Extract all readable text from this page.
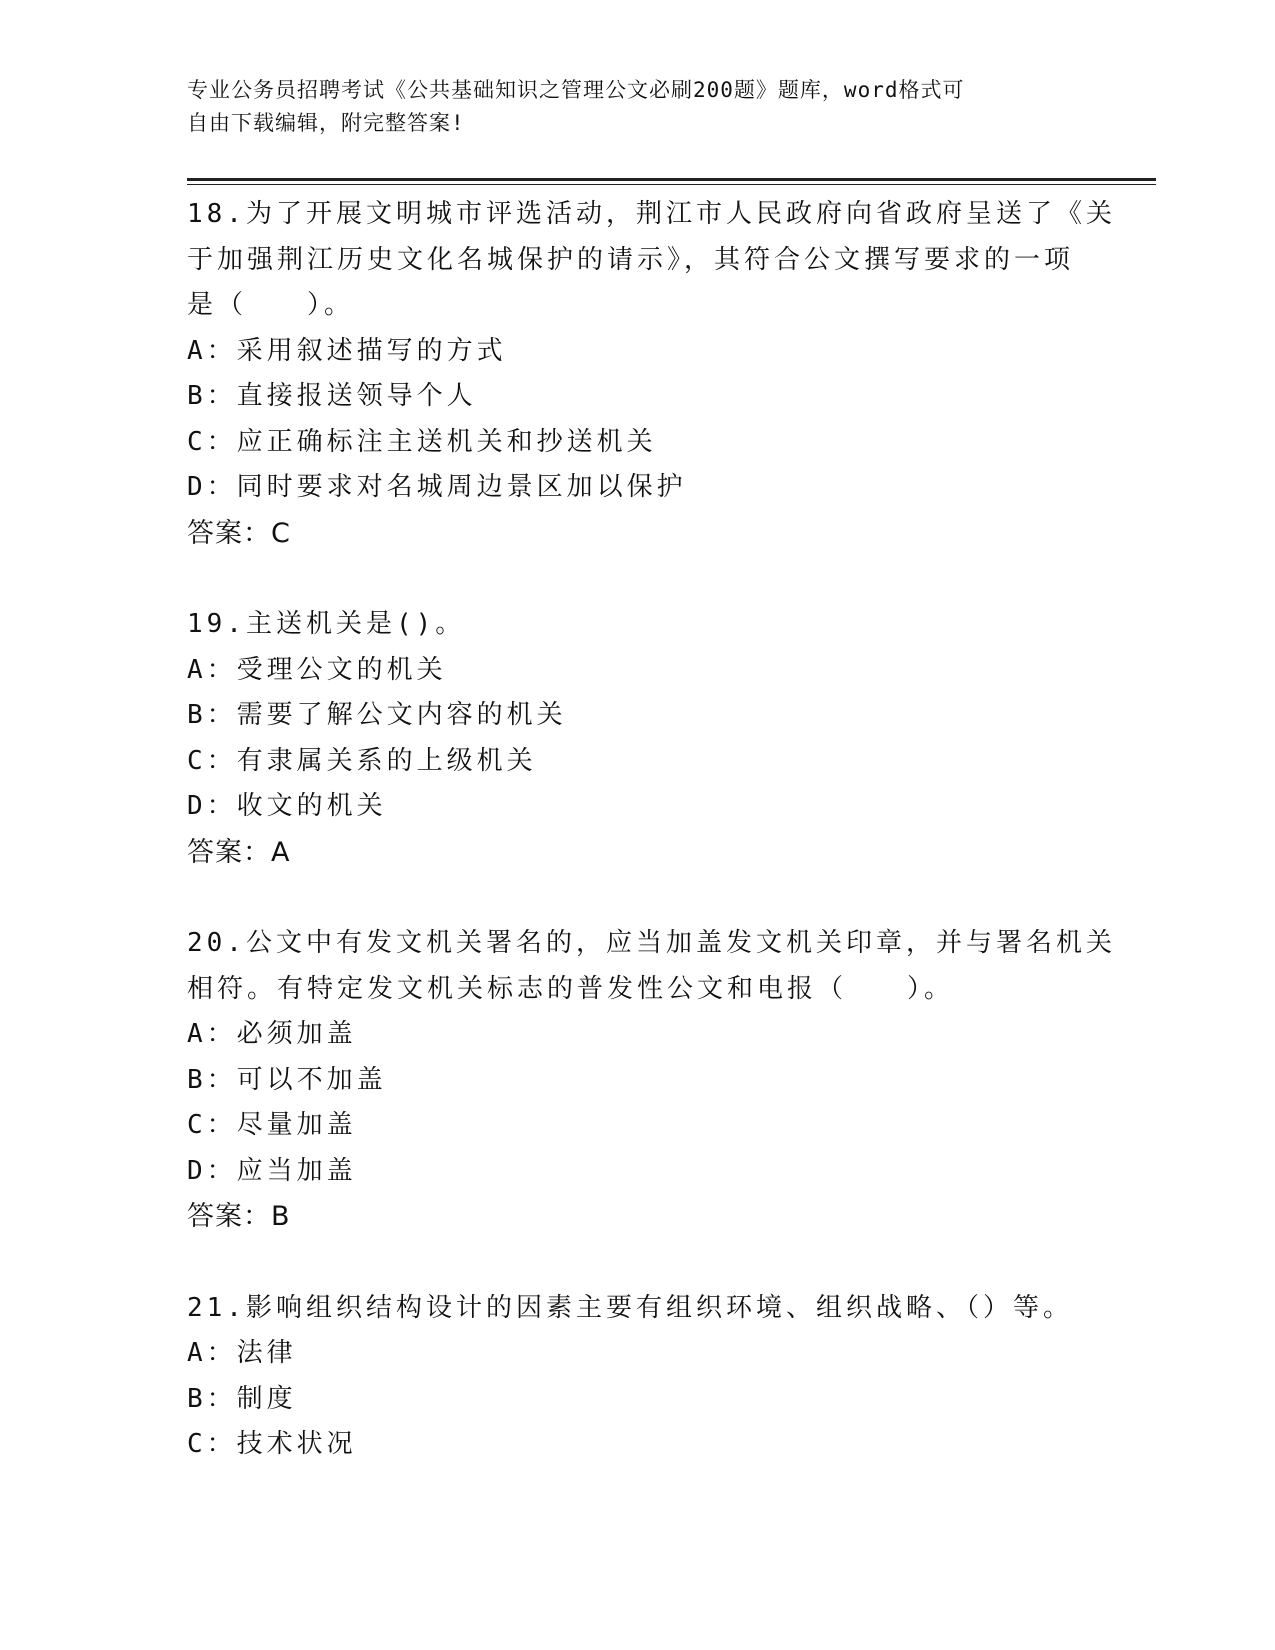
专业公务员招聘考试《公共基础知识之管理公文必刷200题》题库，word格式可
自由下载编辑，附完整答案!
18.为了开展文明城市评选活动，荆江市人民政府向省政府呈送了《关
于加强荆江历史文化名城保护的请示》，其符合公文撰写要求的一项
是（　　）。
A：采用叙述描写的方式
B：直接报送领导个人
C：应正确标注主送机关和抄送机关
D：同时要求对名城周边景区加以保护
答案：C
19.主送机关是()。
A：受理公文的机关
B：需要了解公文内容的机关
C：有隶属关系的上级机关
D：收文的机关
答案：A
20.公文中有发文机关署名的，应当加盖发文机关印章，并与署名机关
相符。有特定发文机关标志的普发性公文和电报（　　）。
A：必须加盖
B：可以不加盖
C：尽量加盖
D：应当加盖
答案：B
21.影响组织结构设计的因素主要有组织环境、组织战略、（）等。
A：法律
B：制度
C：技术状况
